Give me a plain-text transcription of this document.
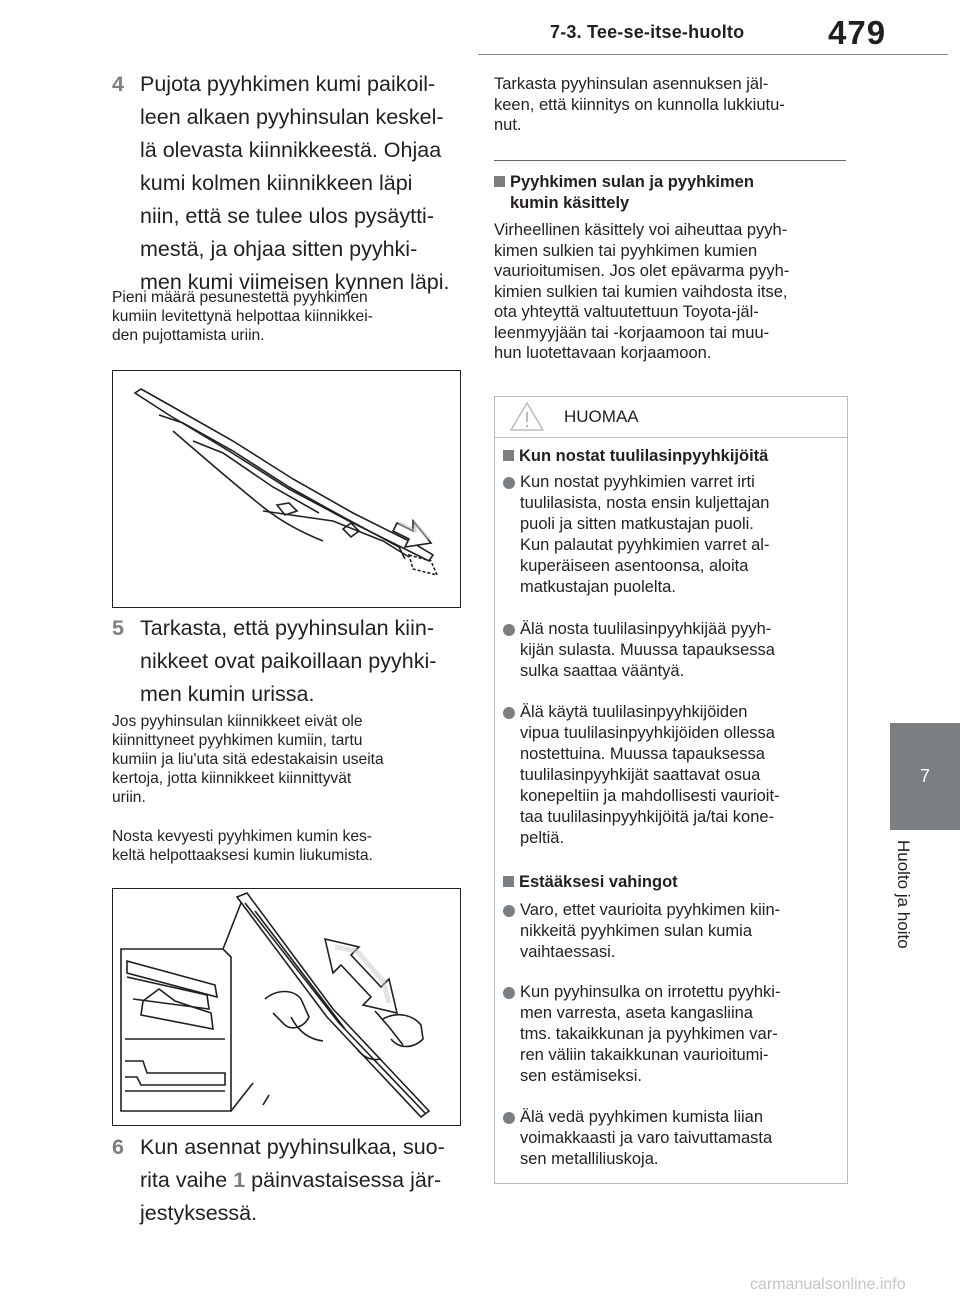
7-3. Tee-se-itse-huolto	479
7
Huolto ja hoito
4 Pujota pyyhkimen kumi paikoil-
leen alkaen pyyhinsulan keskel-
lä olevasta kiinnikkeestä. Ohjaa
kumi kolmen kiinnikkeen läpi
niin, että se tulee ulos pysäytti-
mestä, ja ohjaa sitten pyyhki-
men kumi viimeisen kynnen läpi.
Pieni määrä pesunestettä pyyhkimen
kumiin levitettynä helpottaa kiinnikkei-
den pujottamista uriin.
5 Tarkasta, että pyyhinsulan kiin-
nikkeet ovat paikoillaan pyyhki-
men kumin urissa.
Jos pyyhinsulan kiinnikkeet eivät ole
kiinnittyneet pyyhkimen kumiin, tartu
kumiin ja liu'uta sitä edestakaisin useita
kertoja, jotta kiinnikkeet kiinnittyvät
uriin.
Nosta kevyesti pyyhkimen kumin kes-
keltä helpottaaksesi kumin liukumista.
6 Kun asennat pyyhinsulkaa, suo-
rita vaihe 1 päinvastaisessa jär-
jestyksessä.
Tarkasta pyyhinsulan asennuksen jäl-
keen, että kiinnitys on kunnolla lukkiutu-
nut.
Pyyhkimen sulan ja pyyhkimen
kumin käsittely
Virheellinen käsittely voi aiheuttaa pyyh-
kimen sulkien tai pyyhkimen kumien
vaurioitumisen. Jos olet epävarma pyyh-
kimien sulkien tai kumien vaihdosta itse,
ota yhteyttä valtuutettuun Toyota-jäl-
leenmyyjään tai -korjaamoon tai muu-
hun luotettavaan korjaamoon.
HUOMAA
Kun nostat tuulilasinpyyhkijöitä
Kun nostat pyyhkimien varret irti
tuulilasista, nosta ensin kuljettajan
puoli ja sitten matkustajan puoli.
Kun palautat pyyhkimien varret al-
kuperäiseen asentoonsa, aloita
matkustajan puolelta.
Älä nosta tuulilasinpyyhkijää pyyh-
kijän sulasta. Muussa tapauksessa
sulka saattaa vääntyä.
Älä käytä tuulilasinpyyhkijöiden
vipua tuulilasinpyyhkijöiden ollessa
nostettuina. Muussa tapauksessa
tuulilasinpyyhkijät saattavat osua
konepeltiin ja mahdollisesti vaurioit-
taa tuulilasinpyyhkijöitä ja/tai kone-
peltiä.
Estääksesi vahingot
Varo, ettet vaurioita pyyhkimen kiin-
nikkeitä pyyhkimen sulan kumia
vaihtaessasi.
Kun pyyhinsulka on irrotettu pyyhki-
men varresta, aseta kangasliina
tms. takaikkunan ja pyyhkimen var-
ren väliin takaikkunan vaurioitumi-
sen estämiseksi.
Älä vedä pyyhkimen kumista liian
voimakkaasti ja varo taivuttamasta
sen metalliliuskoja.
carmanualsonline.info
